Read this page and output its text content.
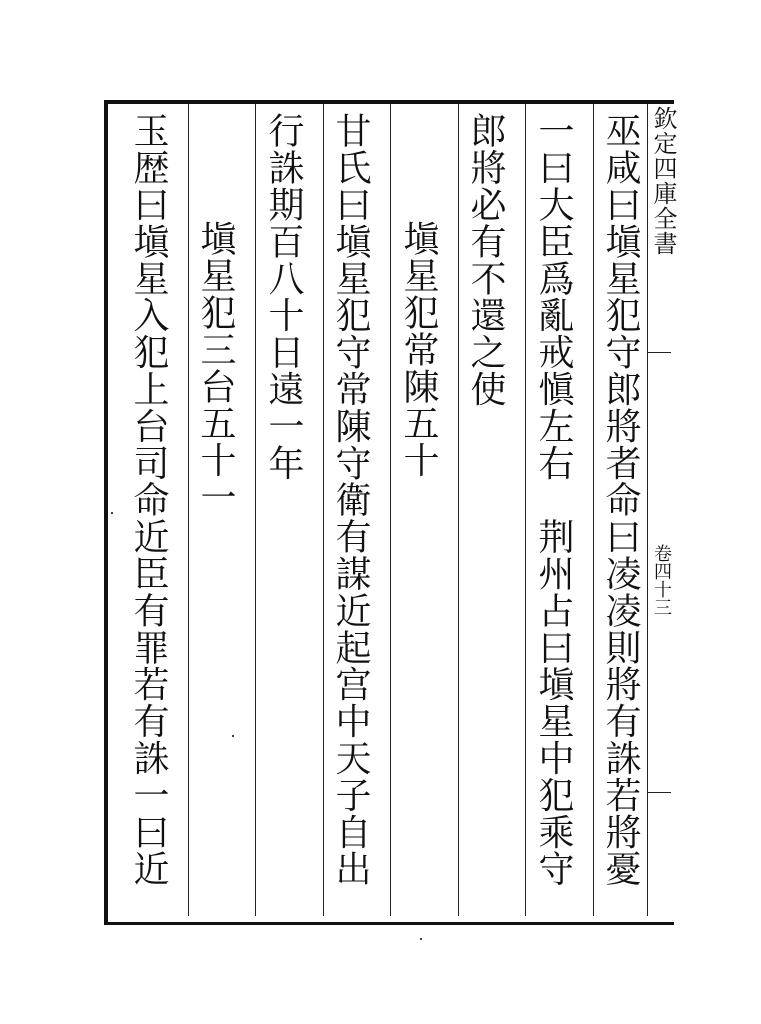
巫咸曰塡星犯守郎將者命曰凌凌則將有誅若將憂
一曰大臣爲亂戒愼左右　荆州占曰塡星中犯乘守
郎將必有不還之使
塡星犯常陳五十
甘氏曰塡星犯守常陳守衛有謀近起宫中天子自出
行誅期百八十日遠一年
塡星犯三台五十一
玉歴曰塡星入犯上台司命近臣有罪若有誅一曰近	欽定四庫全書
卷四十三
